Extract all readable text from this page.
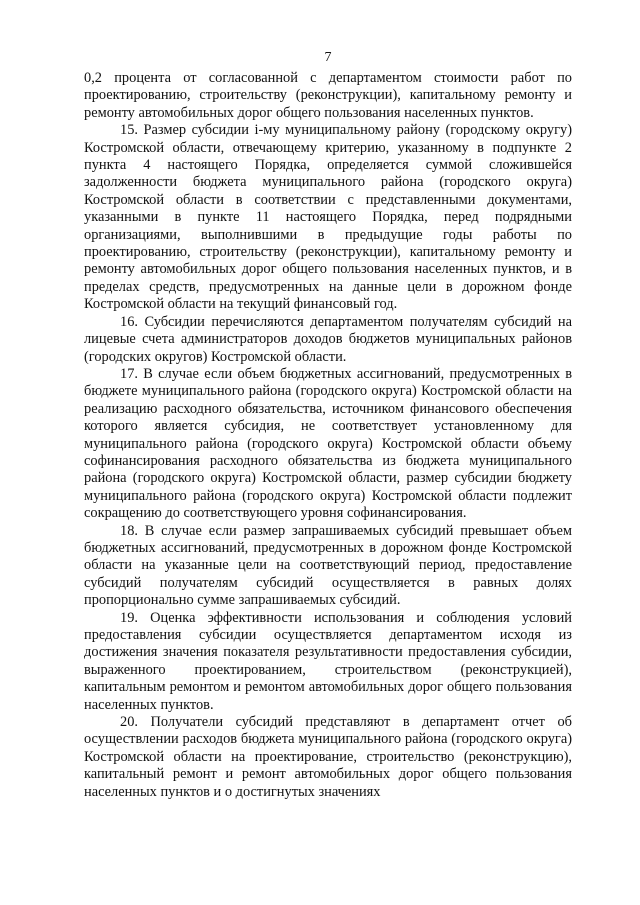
7

0,2 процента от согласованной с департаментом стоимости работ по проектированию, строительству (реконструкции), капитальному ремонту и ремонту автомобильных дорог общего пользования населенных пунктов.

15. Размер субсидии i-му муниципальному району (городскому округу) Костромской области, отвечающему критерию, указанному в подпункте 2 пункта 4 настоящего Порядка, определяется суммой сложившейся задолженности бюджета муниципального района (городского округа) Костромской области в соответствии с представленными документами, указанными в пункте 11 настоящего Порядка, перед подрядными организациями, выполнившими в предыдущие годы работы по проектированию, строительству (реконструкции), капитальному ремонту и ремонту автомобильных дорог общего пользования населенных пунктов, и в пределах средств, предусмотренных на данные цели в дорожном фонде Костромской области на текущий финансовый год.

16. Субсидии перечисляются департаментом получателям субсидий на лицевые счета администраторов доходов бюджетов муниципальных районов (городских округов) Костромской области.

17. В случае если объем бюджетных ассигнований, предусмотренных в бюджете муниципального района (городского округа) Костромской области на реализацию расходного обязательства, источником финансового обеспечения которого является субсидия, не соответствует установленному для муниципального района (городского округа) Костромской области объему софинансирования расходного обязательства из бюджета муниципального района (городского округа) Костромской области, размер субсидии бюджету муниципального района (городского округа) Костромской области подлежит сокращению до соответствующего уровня софинансирования.

18. В случае если размер запрашиваемых субсидий превышает объем бюджетных ассигнований, предусмотренных в дорожном фонде Костромской области на указанные цели на соответствующий период, предоставление субсидий получателям субсидий осуществляется в равных долях пропорционально сумме запрашиваемых субсидий.

19. Оценка эффективности использования и соблюдения условий предоставления субсидии осуществляется департаментом исходя из достижения значения показателя результативности предоставления субсидии, выраженного проектированием, строительством (реконструкцией), капитальным ремонтом и ремонтом автомобильных дорог общего пользования населенных пунктов.

20. Получатели субсидий представляют в департамент отчет об осуществлении расходов бюджета муниципального района (городского округа) Костромской области на проектирование, строительство (реконструкцию), капитальный ремонт и ремонт автомобильных дорог общего пользования населенных пунктов и о достигнутых значениях
